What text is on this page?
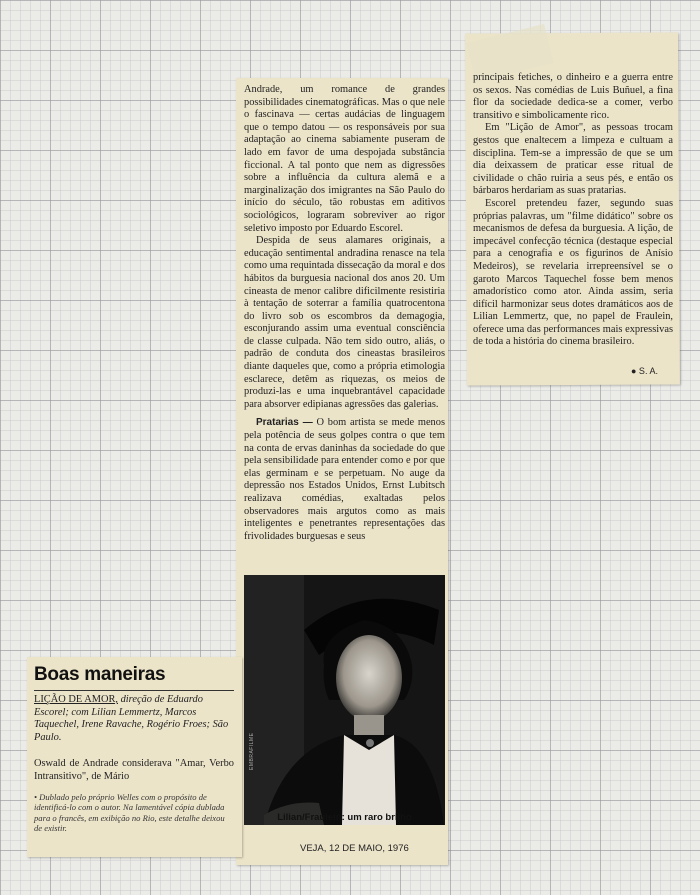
principais fetiches, o dinheiro e a guerra entre os sexos. Nas comédias de Luis Buñuel, a fina flor da sociedade dedica-se a comer, verbo transitivo e simbolicamente rico.

Em "Lição de Amor", as pessoas trocam gestos que enaltecem a limpeza e cultuam a disciplina. Tem-se a impressão de que se um dia deixassem de praticar esse ritual de civilidade o chão ruiria a seus pés, e então os bárbaros herdariam as suas pratarias.

Escorel pretendeu fazer, segundo suas próprias palavras, um "filme didático" sobre os mecanismos de defesa da burguesia. A lição, de impecável confecção técnica (destaque especial para a cenografia e os figurinos de Anísio Medeiros), se revelaria irrepreensível se o garoto Marcos Taquechel fosse bem menos amadorístico como ator. Ainda assim, seria difícil harmonizar seus dotes dramáticos aos de Lilian Lemmertz, que, no papel de Fraulein, oferece uma das performances mais expressivas de toda a história do cinema brasileiro.

● S. A.

Andrade, um romance de grandes possibilidades cinematográficas. Mas o que nele o fascinava — certas audácias de linguagem que o tempo datou — os responsáveis por sua adaptação ao cinema sabiamente puseram de lado em favor de uma despojada substância ficcional. A tal ponto que nem as digressões sobre a influência da cultura alemã e a marginalização dos imigrantes na São Paulo do início do século, tão robustas em aditivos sociológicos, lograram sobreviver ao rigor seletivo imposto por Eduardo Escorel.

Despida de seus alamares originais, a educação sentimental andradina renasce na tela como uma requintada dissecação da moral e dos hábitos da burguesia nacional dos anos 20. Um cineasta de menor calibre dificilmente resistiria à tentação de soterrar a família quatrocentona do livro sob os escombros da demagogia, esconjurando assim uma eventual consciência de classe culpada. Não tem sido outro, aliás, o padrão de conduta dos cineastas brasileiros diante daqueles que, como a própria etimologia esclarece, detêm as riquezas, os meios de produzi-las e uma inquebrantável capacidade para absorver edipianas agressões das galerias.

Pratarias — O bom artista se mede menos pela potência de seus golpes contra o que tem na conta de ervas daninhas da sociedade do que pela sensibilidade para entender como e por que elas germinam e se perpetuam. No auge da depressão nos Estados Unidos, Ernst Lubitsch realizava comédias, exaltadas pelos observadores mais argutos como as mais inteligentes e penetrantes representações das frivolidades burguesas e seus

EMBRAFILME
Lilian/Fraulein: um raro brilho
VEJA, 12 DE MAIO, 1976
Boas maneiras
LIÇÃO DE AMOR, direção de Eduardo Escorel; com Lilian Lemmertz, Marcos Taquechel, Irene Ravache, Rogério Froes; São Paulo.
Oswald de Andrade considerava "Amar, Verbo Intransitivo", de Mário
• Dublado pelo próprio Welles com o propósito de identificá-lo com o autor. Na lamentável cópia dublada para o francês, em exibição no Rio, este detalhe deixou de existir.
